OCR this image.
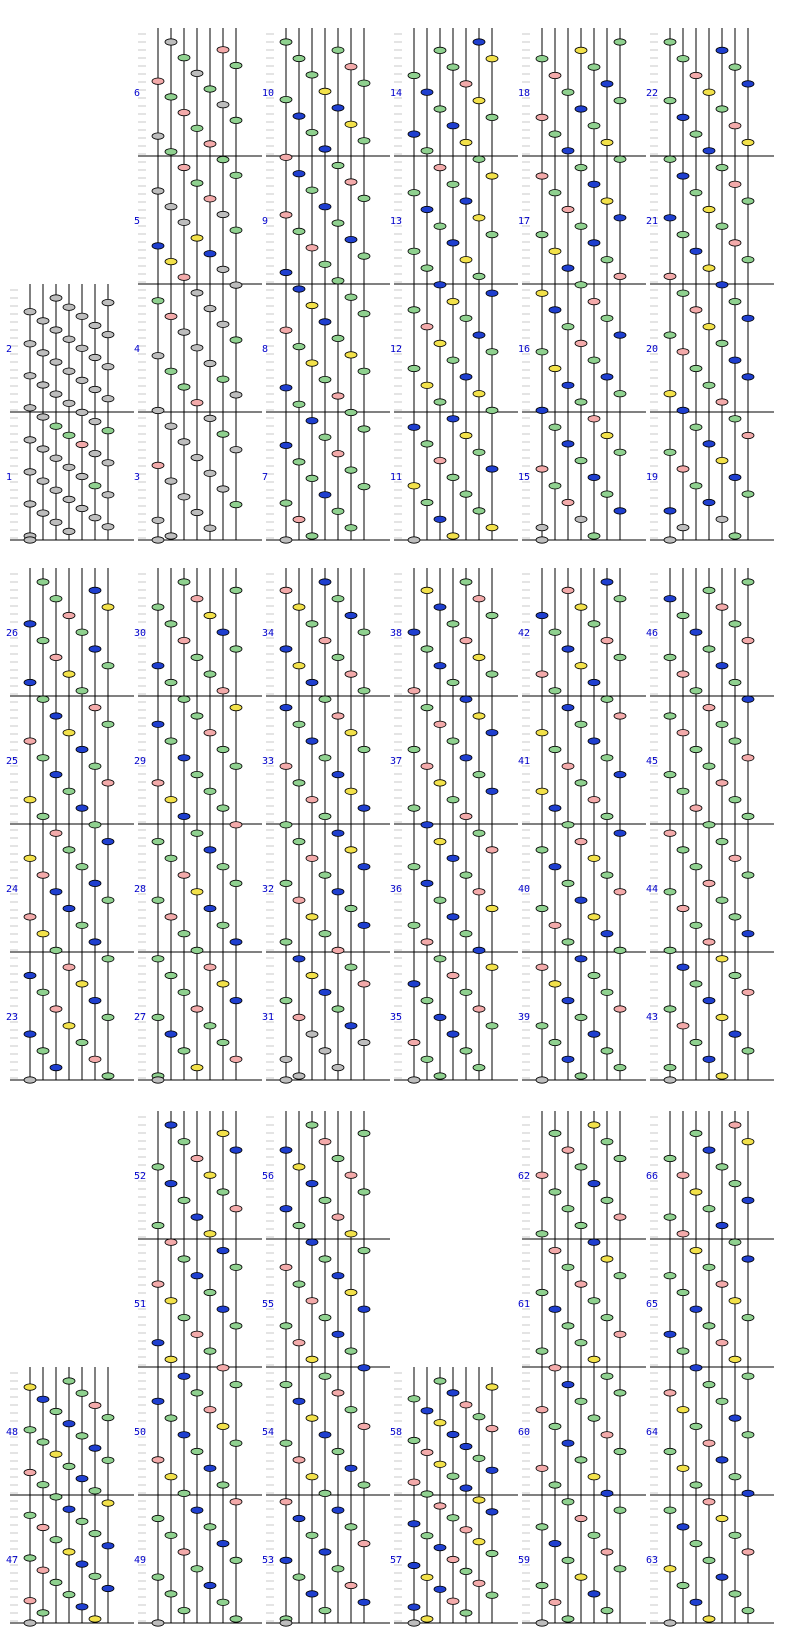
1
2
3
4
5
6
7
8
9
10
11
12
13
14
15
16
17
18
19
20
21
22
23
24
25
26
27
28
29
30
31
32
33
34
35
36
37
38
39
40
41
42
43
44
45
46
47
48
49
50
51
52
53
54
55
56
57
58
59
60
61
62
63
64
65
66
